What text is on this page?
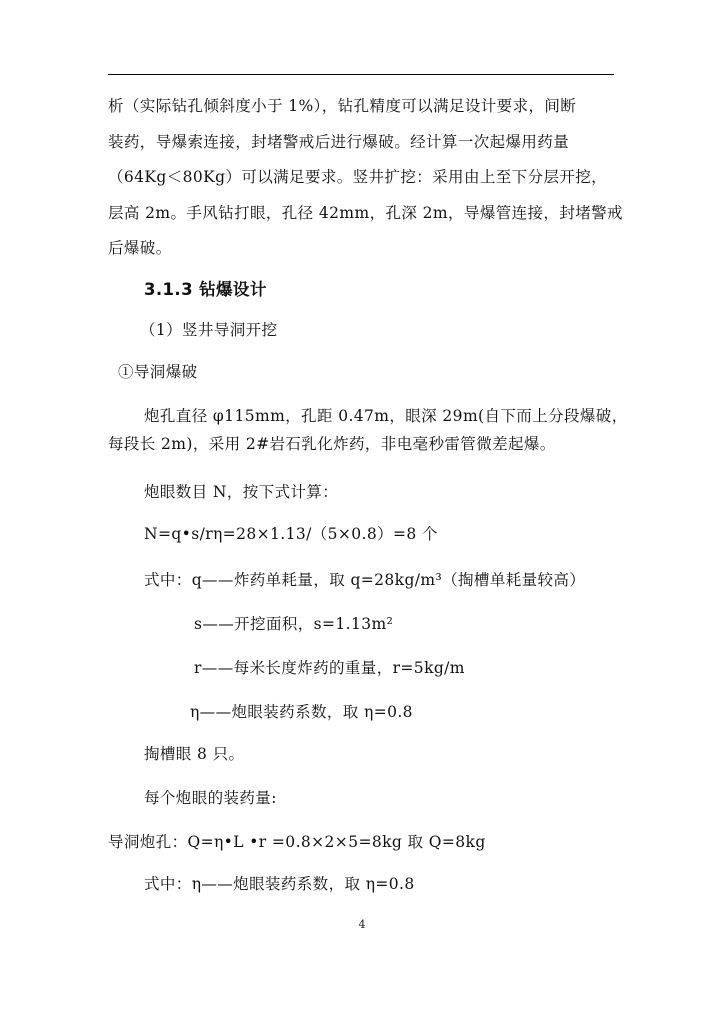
析（实际钻孔倾斜度小于 1%），钻孔精度可以满足设计要求，间断
装药，导爆索连接，封堵警戒后进行爆破。经计算一次起爆用药量
（64Kg＜80Kg）可以满足要求。竖井扩挖：采用由上至下分层开挖，
层高 2m。手风钻打眼，孔径 42mm，孔深 2m，导爆管连接，封堵警戒
后爆破。
3.1.3 钻爆设计
（1）竖井导洞开挖
①导洞爆破
炮孔直径 φ115mm，孔距 0.47m，眼深 29m(自下而上分段爆破，
每段长 2m)，采用 2#岩石乳化炸药，非电毫秒雷管微差起爆。
炮眼数目 N，按下式计算：
N=q•s/rη=28×1.13/（5×0.8）=8 个
式中：q——炸药单耗量，取 q=28kg/m³（掏槽单耗量较高）
s——开挖面积，s=1.13m²
r——每米长度炸药的重量，r=5kg/m
η——炮眼装药系数，取 η=0.8
掏槽眼 8 只。
每个炮眼的装药量:
导洞炮孔：Q=η•L •r =0.8×2×5=8kg 取 Q=8kg
式中：η——炮眼装药系数，取 η=0.8
4
